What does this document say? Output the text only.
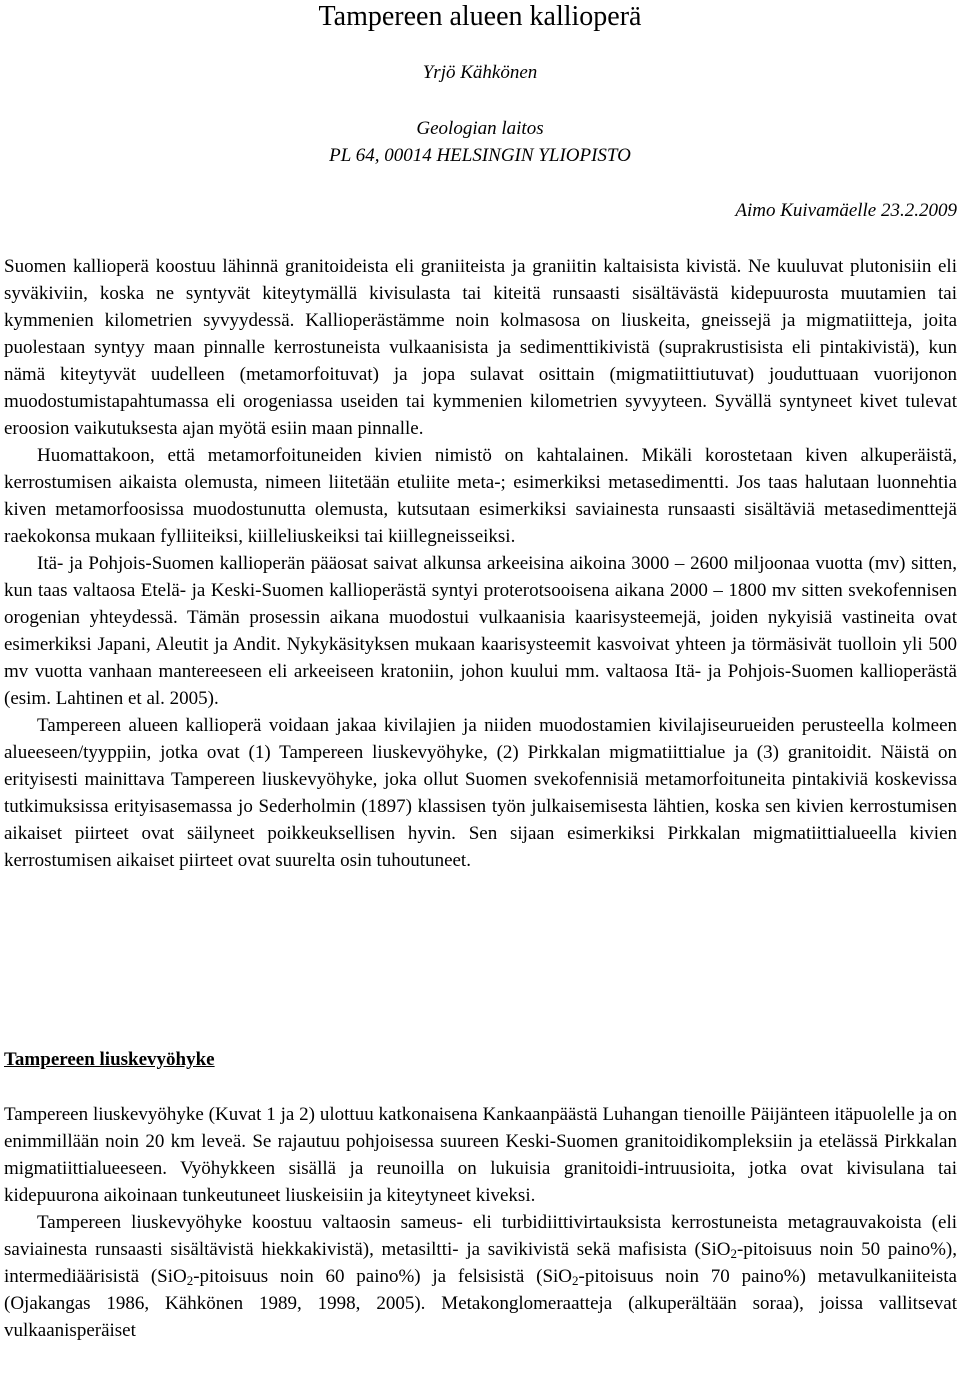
Tampereen alueen kallioperä
Yrjö Kähkönen
Geologian laitos
PL 64, 00014 HELSINGIN YLIOPISTO
Aimo Kuivamäelle 23.2.2009

Suomen kallioperä koostuu lähinnä granitoideista eli graniiteista ja graniitin kaltaisista kivistä. Ne kuuluvat plutonisiin eli syväkiviin, koska ne syntyvät kiteytymällä kivisulasta tai kiteitä runsaasti sisältävästä kidepuurosta muutamien tai kymmenien kilometrien syvyydessä. Kallioperästämme noin kolmasosa on liuskeita, gneissejä ja migmatiitteja, joita puolestaan syntyy maan pinnalle kerrostuneista vulkaanisista ja sedimenttikivistä (suprakrustisista eli pintakivistä), kun nämä kiteytyvät uudelleen (metamorfoituvat) ja jopa sulavat osittain (migmatiittiutuvat) jouduttuaan vuorijonon muodostumistapahtumassa eli orogeniassa useiden tai kymmenien kilometrien syvyyteen. Syvällä syntyneet kivet tulevat eroosion vaikutuksesta ajan myötä esiin maan pinnalle.

Huomattakoon, että metamorfoituneiden kivien nimistö on kahtalainen. Mikäli korostetaan kiven alkuperäistä, kerrostumisen aikaista olemusta, nimeen liitetään etuliite meta-; esimerkiksi metasedimentti. Jos taas halutaan luonnehtia kiven metamorfoosissa muodostunutta olemusta, kutsutaan esimerkiksi saviainesta runsaasti sisältäviä metasedimenttejä raekokonsa mukaan fylliiteiksi, kiilleliuskeiksi tai kiillegneisseiksi.

Itä- ja Pohjois-Suomen kallioperän pääosat saivat alkunsa arkeeisina aikoina 3000 – 2600 miljoonaa vuotta (mv) sitten, kun taas valtaosa Etelä- ja Keski-Suomen kallioperästä syntyi proterotsooisena aikana 2000 – 1800 mv sitten svekofennisen orogenian yhteydessä. Tämän prosessin aikana muodostui vulkaanisia kaarisysteemejä, joiden nykyisiä vastineita ovat esimerkiksi Japani, Aleutit ja Andit. Nykykäsityksen mukaan kaarisysteemit kasvoivat yhteen ja törmäsivät tuolloin yli 500 mv vuotta vanhaan mantereeseen eli arkeeiseen kratoniin, johon kuului mm. valtaosa Itä- ja Pohjois-Suomen kallioperästä (esim. Lahtinen et al. 2005).

Tampereen alueen kallioperä voidaan jakaa kivilajien ja niiden muodostamien kivilajiseurueiden perusteella kolmeen alueeseen/tyyppiin, jotka ovat (1) Tampereen liuskevyöhyke, (2) Pirkkalan migmatiittialue ja (3) granitoidit. Näistä on erityisesti mainittava Tampereen liuskevyöhyke, joka ollut Suomen svekofennisiä metamorfoituneita pintakiviä koskevissa tutkimuksissa erityisasemassa jo Sederholmin (1897) klassisen työn julkaisemisesta lähtien, koska sen kivien kerrostumisen aikaiset piirteet ovat säilyneet poikkeuksellisen hyvin. Sen sijaan esimerkiksi Pirkkalan migmatiittialueella kivien kerrostumisen aikaiset piirteet ovat suurelta osin tuhoutuneet.

Tampereen liuskevyöhyke

Tampereen liuskevyöhyke (Kuvat 1 ja 2) ulottuu katkonaisena Kankaanpäästä Luhangan tienoille Päijänteen itäpuolelle ja on enimmillään noin 20 km leveä. Se rajautuu pohjoisessa suureen Keski-Suomen granitoidikompleksiin ja etelässä Pirkkalan migmatiittialueeseen. Vyöhykkeen sisällä ja reunoilla on lukuisia granitoidi-intruusioita, jotka ovat kivisulana tai kidepuurona aikoinaan tunkeutuneet liuskeisiin ja kiteytyneet kiveksi.

Tampereen liuskevyöhyke koostuu valtaosin sameus- eli turbidiittivirtauksista kerrostuneista metagrauvakoista (eli saviainesta runsaasti sisältävistä hiekkakivistä), metasiltti- ja savikivistä sekä mafisista (SiO$_2$-pitoisuus noin 50 paino%), intermediäärisistä (SiO$_2$-pitoisuus noin 60 paino%) ja felsisistä (SiO$_2$-pitoisuus noin 70 paino%) metavulkaniiteista (Ojakangas 1986, Kähkönen 1989, 1998, 2005). Metakonglomeraatteja (alkuperältään soraa), joissa vallitsevat vulkaanisperäiset
